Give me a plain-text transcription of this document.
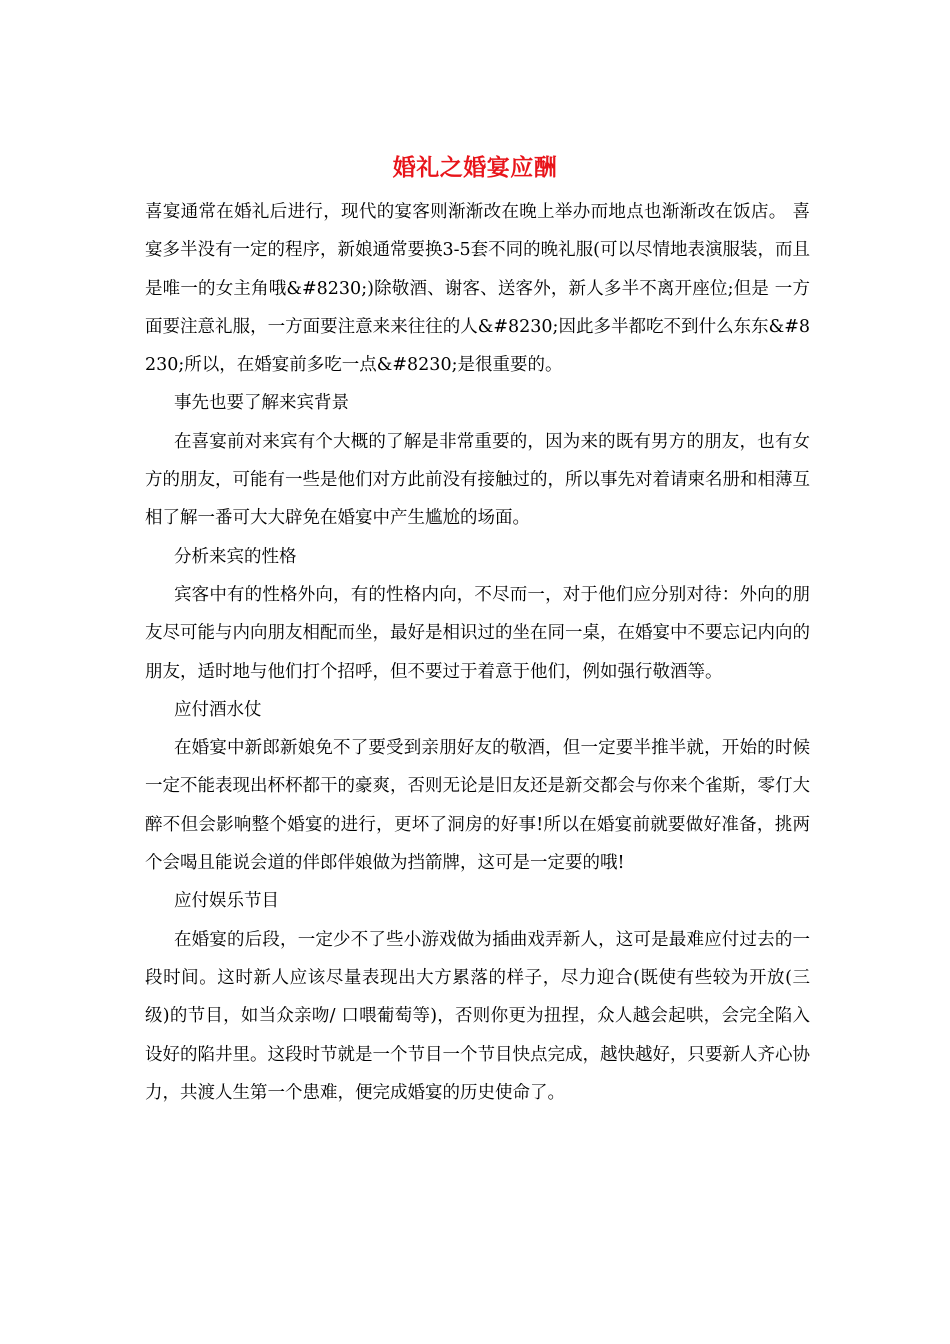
婚礼之婚宴应酬

喜宴通常在婚礼后进行，现代的宴客则渐渐改在晚上举办而地点也渐渐改在饭店。 喜宴多半没有一定的程序，新娘通常要换3-5套不同的晚礼服(可以尽情地表演服装，而且是唯一的女主角哦&#8230;)除敬酒、谢客、送客外，新人多半不离开座位;但是 一方面要注意礼服，一方面要注意来来往往的人&#8230;因此多半都吃不到什么东东&#8230;所以，在婚宴前多吃一点&#8230;是很重要的。

事先也要了解来宾背景

在喜宴前对来宾有个大概的了解是非常重要的，因为来的既有男方的朋友，也有女方的朋友，可能有一些是他们对方此前没有接触过的，所以事先对着请柬名册和相薄互相了解一番可大大辟免在婚宴中产生尴尬的场面。

分析来宾的性格

宾客中有的性格外向，有的性格内向，不尽而一，对于他们应分别对待：外向的朋友尽可能与内向朋友相配而坐，最好是相识过的坐在同一桌，在婚宴中不要忘记内向的朋友，适时地与他们打个招呼，但不要过于着意于他们，例如强行敬酒等。

应付酒水仗

在婚宴中新郎新娘免不了要受到亲朋好友的敬酒，但一定要半推半就，开始的时候一定不能表现出杯杯都干的豪爽，否则无论是旧友还是新交都会与你来个雀斯，零仃大醉不但会影响整个婚宴的进行，更坏了洞房的好事!所以在婚宴前就要做好准备，挑两个会喝且能说会道的伴郎伴娘做为挡箭牌，这可是一定要的哦!

应付娱乐节目

在婚宴的后段，一定少不了些小游戏做为插曲戏弄新人，这可是最难应付过去的一段时间。这时新人应该尽量表现出大方累落的样子，尽力迎合(既使有些较为开放(三级)的节目，如当众亲吻/ 口喂葡萄等)，否则你更为扭捏，众人越会起哄，会完全陷入设好的陷井里。这段时节就是一个节目一个节目快点完成，越快越好，只要新人齐心协力，共渡人生第一个患难，便完成婚宴的历史使命了。
